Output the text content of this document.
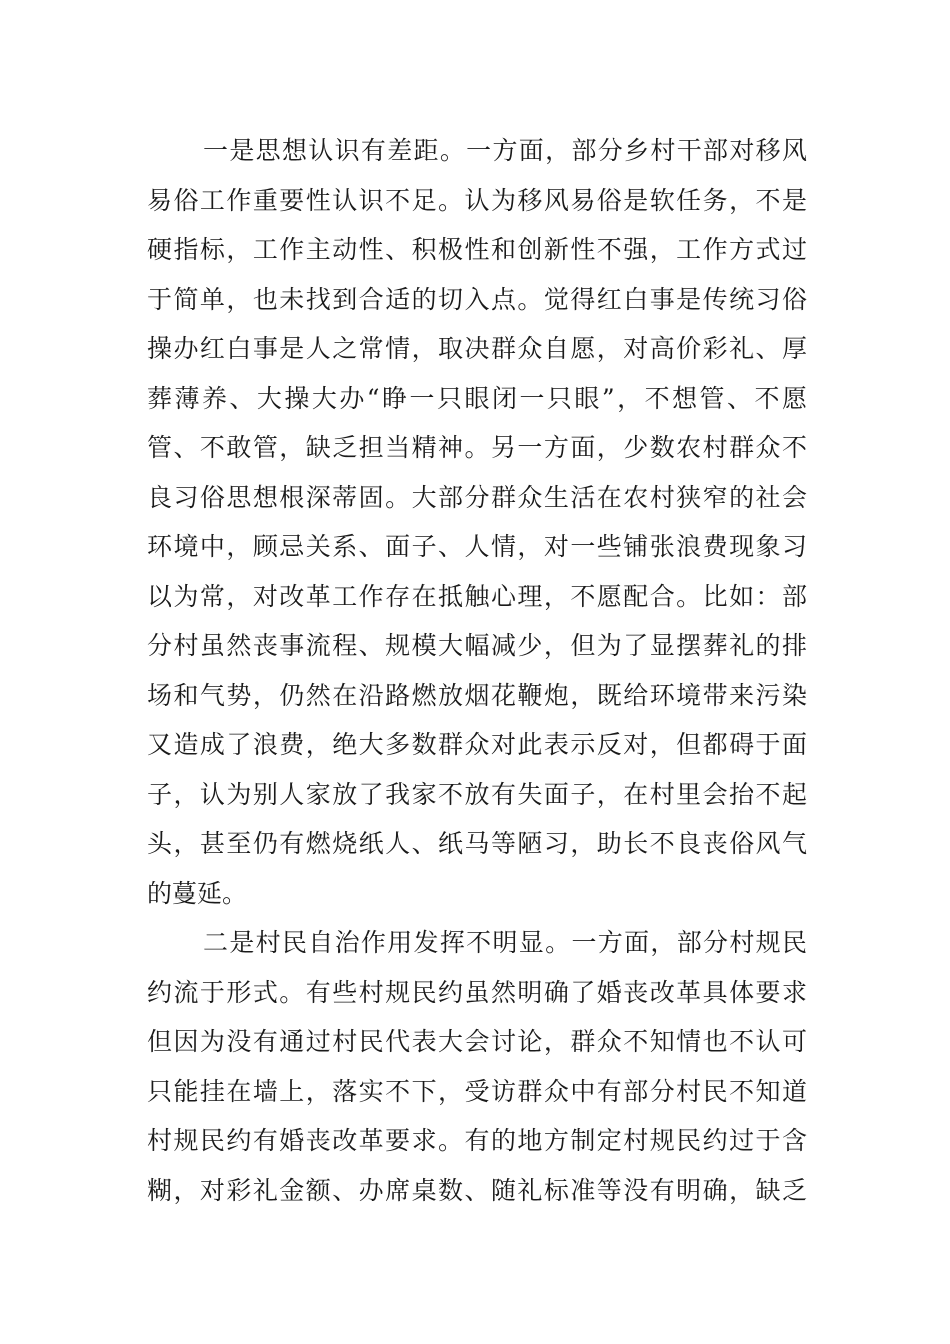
一是思想认识有差距。一方面，部分乡村干部对移风
易俗工作重要性认识不足。认为移风易俗是软任务，不是
硬指标，工作主动性、积极性和创新性不强，工作方式过
于简单，也未找到合适的切入点。觉得红白事是传统习俗
操办红白事是人之常情，取决群众自愿，对高价彩礼、厚
葬薄养、大操大办“睁一只眼闭一只眼”，不想管、不愿
管、不敢管，缺乏担当精神。另一方面，少数农村群众不
良习俗思想根深蒂固。大部分群众生活在农村狭窄的社会
环境中，顾忌关系、面子、人情，对一些铺张浪费现象习
以为常，对改革工作存在抵触心理，不愿配合。比如：部
分村虽然丧事流程、规模大幅减少，但为了显摆葬礼的排
场和气势，仍然在沿路燃放烟花鞭炮，既给环境带来污染
又造成了浪费，绝大多数群众对此表示反对，但都碍于面
子，认为别人家放了我家不放有失面子，在村里会抬不起
头，甚至仍有燃烧纸人、纸马等陋习，助长不良丧俗风气
的蔓延。
二是村民自治作用发挥不明显。一方面，部分村规民
约流于形式。有些村规民约虽然明确了婚丧改革具体要求
但因为没有通过村民代表大会讨论，群众不知情也不认可
只能挂在墙上，落实不下，受访群众中有部分村民不知道
村规民约有婚丧改革要求。有的地方制定村规民约过于含
糊，对彩礼金额、办席桌数、随礼标准等没有明确，缺乏
